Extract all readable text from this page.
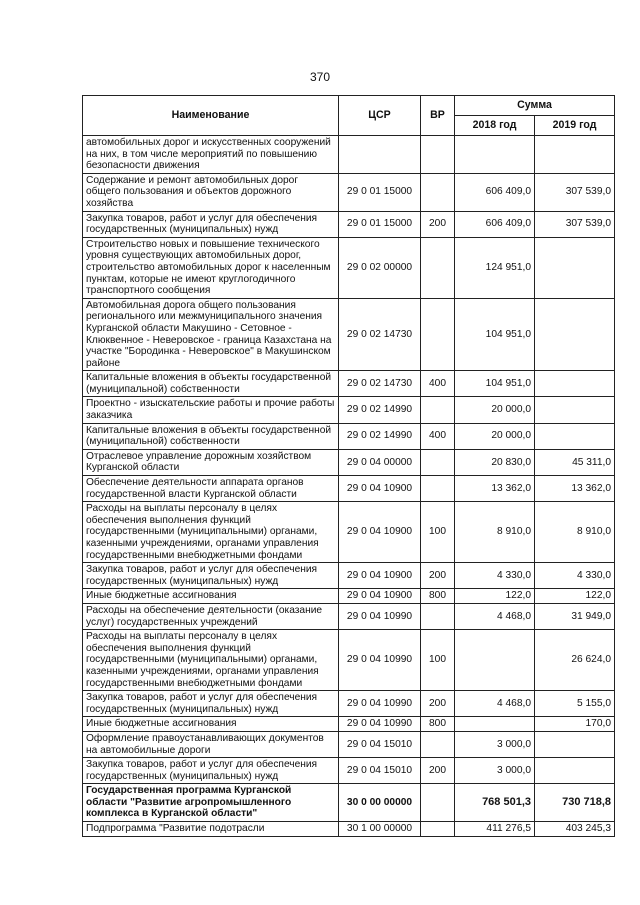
370
Наименование	ЦСР	ВР	Сумма	
			2018 год	2019 год
автомобильных дорог и искусственных сооружений на них, в том числе мероприятий по повышению безопасности движения				
Содержание и ремонт автомобильных дорог общего пользования и объектов дорожного хозяйства	29 0 01 15000		606 409,0	307 539,0
Закупка товаров, работ и услуг для обеспечения государственных (муниципальных) нужд	29 0 01 15000	200	606 409,0	307 539,0
Строительство новых и повышение технического уровня существующих автомобильных дорог, строительство автомобильных дорог к населенным пунктам, которые не имеют круглогодичного транспортного сообщения	29 0 02 00000		124 951,0	
Автомобильная дорога общего пользования регионального или межмуниципального значения Курганской области Макушино - Сетовное - Клюквенное - Неверовское - граница Казахстана на участке "Бородинка - Неверовское" в Макушинском районе	29 0 02 14730		104 951,0	
Капитальные вложения в объекты государственной (муниципальной) собственности	29 0 02 14730	400	104 951,0	
Проектно - изыскательские работы и прочие работы заказчика	29 0 02 14990		20 000,0	
Капитальные вложения в объекты государственной (муниципальной) собственности	29 0 02 14990	400	20 000,0	
Отраслевое управление дорожным хозяйством Курганской области	29 0 04 00000		20 830,0	45 311,0
Обеспечение деятельности аппарата органов государственной власти Курганской области	29 0 04 10900		13 362,0	13 362,0
Расходы на выплаты персоналу в целях обеспечения выполнения функций государственными (муниципальными) органами, казенными учреждениями, органами управления государственными внебюджетными фондами	29 0 04 10900	100	8 910,0	8 910,0
Закупка товаров, работ и услуг для обеспечения государственных (муниципальных) нужд	29 0 04 10900	200	4 330,0	4 330,0
Иные бюджетные ассигнования	29 0 04 10900	800	122,0	122,0
Расходы на обеспечение деятельности (оказание услуг) государственных учреждений	29 0 04 10990		4 468,0	31 949,0
Расходы на выплаты персоналу в целях обеспечения выполнения функций государственными (муниципальными) органами, казенными учреждениями, органами управления государственными внебюджетными фондами	29 0 04 10990	100		26 624,0
Закупка товаров, работ и услуг для обеспечения государственных (муниципальных) нужд	29 0 04 10990	200	4 468,0	5 155,0
Иные бюджетные ассигнования	29 0 04 10990	800		170,0
Оформление правоустанавливающих документов на автомобильные дороги	29 0 04 15010		3 000,0	
Закупка товаров, работ и услуг для обеспечения государственных (муниципальных) нужд	29 0 04 15010	200	3 000,0	
Государственная программа Курганской области "Развитие агропромышленного комплекса в Курганской области"	30 0 00 00000		768 501,3	730 718,8
Подпрограмма "Развитие подотрасли	30 1 00 00000		411 276,5	403 245,3
